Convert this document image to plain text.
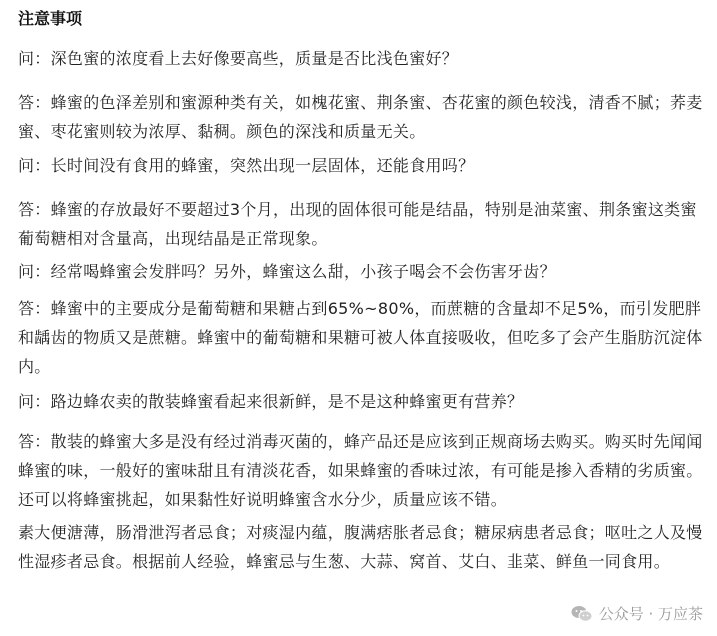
注意事项

问：深色蜜的浓度看上去好像要高些，质量是否比浅色蜜好？

答：蜂蜜的色泽差别和蜜源种类有关，如槐花蜜、荆条蜜、杏花蜜的颜色较浅，清香不腻；荞麦蜜、枣花蜜则较为浓厚、黏稠。颜色的深浅和质量无关。

问：长时间没有食用的蜂蜜，突然出现一层固体，还能食用吗？

答：蜂蜜的存放最好不要超过3个月，出现的固体很可能是结晶，特别是油菜蜜、荆条蜜这类蜜葡萄糖相对含量高，出现结晶是正常现象。

问：经常喝蜂蜜会发胖吗？另外，蜂蜜这么甜，小孩子喝会不会伤害牙齿？

答：蜂蜜中的主要成分是葡萄糖和果糖占到65%~80%，而蔗糖的含量却不足5%，而引发肥胖和龋齿的物质又是蔗糖。蜂蜜中的葡萄糖和果糖可被人体直接吸收，但吃多了会产生脂肪沉淀体内。

问：路边蜂农卖的散装蜂蜜看起来很新鲜，是不是这种蜂蜜更有营养？

答：散装的蜂蜜大多是没有经过消毒灭菌的，蜂产品还是应该到正规商场去购买。购买时先闻闻蜂蜜的味，一般好的蜜味甜且有清淡花香，如果蜂蜜的香味过浓，有可能是掺入香精的劣质蜜。还可以将蜂蜜挑起，如果黏性好说明蜂蜜含水分少，质量应该不错。

素大便溏薄，肠滑泄泻者忌食；对痰湿内蕴，腹满痞胀者忌食；糖尿病患者忌食；呕吐之人及慢性湿疹者忌食。根据前人经验，蜂蜜忌与生葱、大蒜、窝首、艾白、韭菜、鲜鱼一同食用。

公众号 · 万应茶
